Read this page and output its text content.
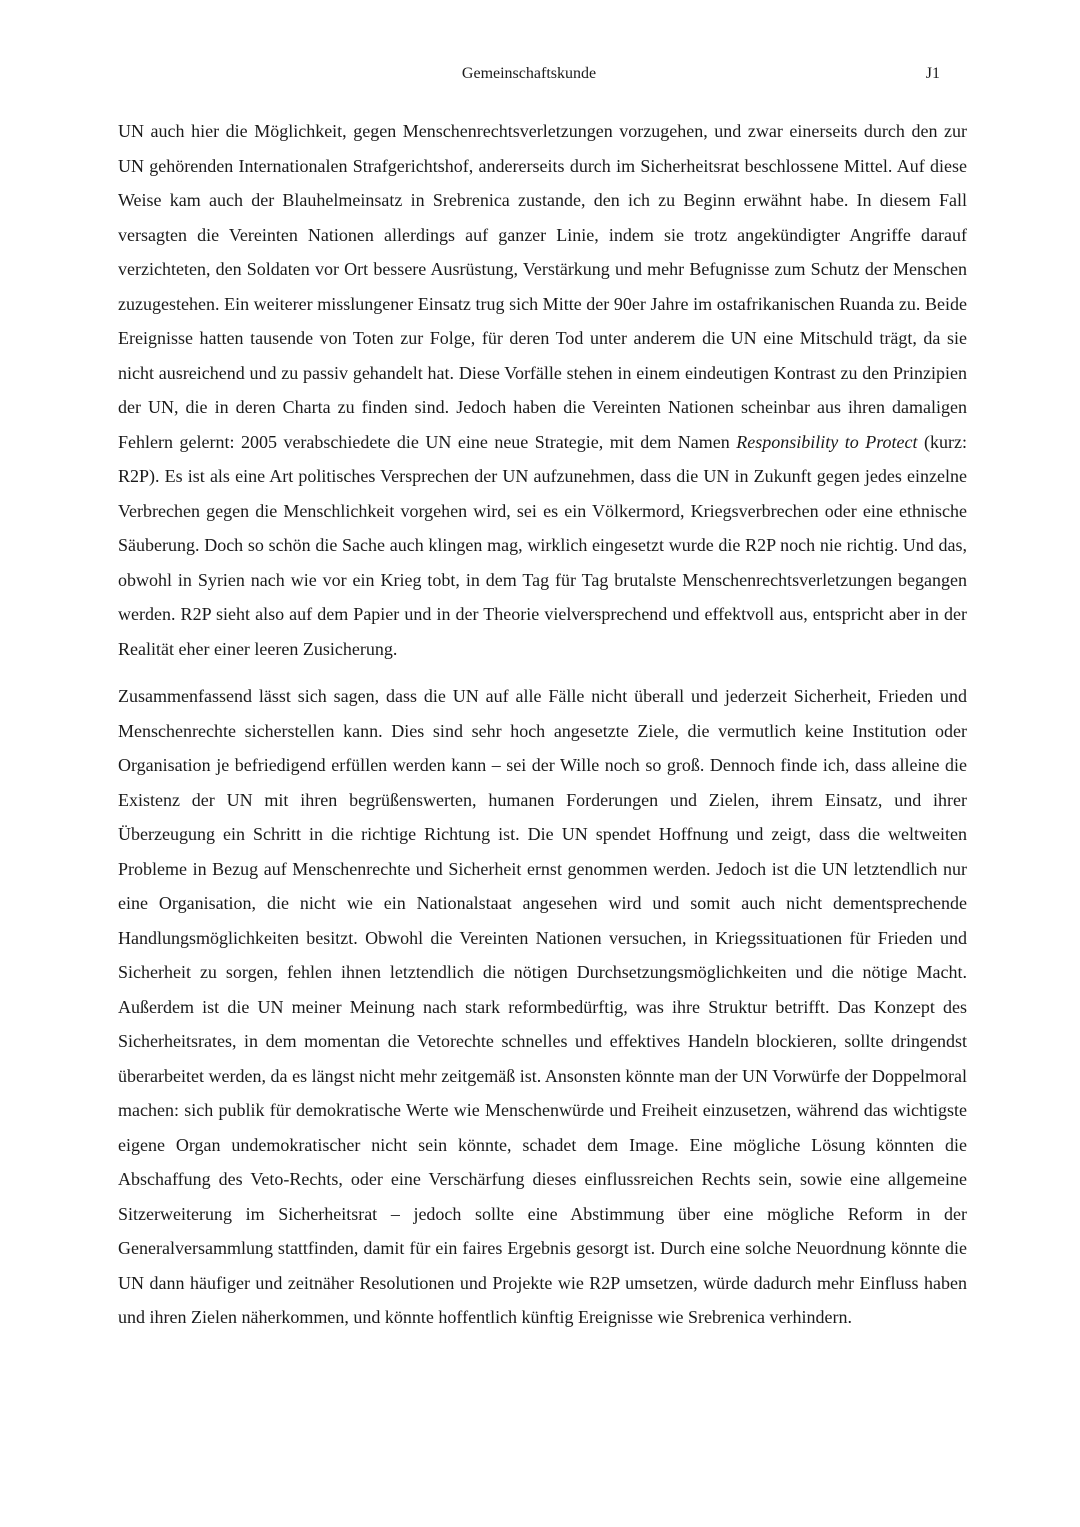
Gemeinschaftskunde	J1

UN auch hier die Möglichkeit, gegen Menschenrechtsverletzungen vorzugehen, und zwar einerseits durch den zur UN gehörenden Internationalen Strafgerichtshof, andererseits durch im Sicherheitsrat beschlossene Mittel. Auf diese Weise kam auch der Blauhelmeinsatz in Srebrenica zustande, den ich zu Beginn erwähnt habe. In diesem Fall versagten die Vereinten Nationen allerdings auf ganzer Linie, indem sie trotz angekündigter Angriffe darauf verzichteten, den Soldaten vor Ort bessere Ausrüstung, Verstärkung und mehr Befugnisse zum Schutz der Menschen zuzugestehen. Ein weiterer misslungener Einsatz trug sich Mitte der 90er Jahre im ostafrikanischen Ruanda zu. Beide Ereignisse hatten tausende von Toten zur Folge, für deren Tod unter anderem die UN eine Mitschuld trägt, da sie nicht ausreichend und zu passiv gehandelt hat. Diese Vorfälle stehen in einem eindeutigen Kontrast zu den Prinzipien der UN, die in deren Charta zu finden sind. Jedoch haben die Vereinten Nationen scheinbar aus ihren damaligen Fehlern gelernt: 2005 verabschiedete die UN eine neue Strategie, mit dem Namen Responsibility to Protect (kurz: R2P). Es ist als eine Art politisches Versprechen der UN aufzunehmen, dass die UN in Zukunft gegen jedes einzelne Verbrechen gegen die Menschlichkeit vorgehen wird, sei es ein Völkermord, Kriegsverbrechen oder eine ethnische Säuberung. Doch so schön die Sache auch klingen mag, wirklich eingesetzt wurde die R2P noch nie richtig. Und das, obwohl in Syrien nach wie vor ein Krieg tobt, in dem Tag für Tag brutalste Menschenrechtsverletzungen begangen werden. R2P sieht also auf dem Papier und in der Theorie vielversprechend und effektvoll aus, entspricht aber in der Realität eher einer leeren Zusicherung.

Zusammenfassend lässt sich sagen, dass die UN auf alle Fälle nicht überall und jederzeit Sicherheit, Frieden und Menschenrechte sicherstellen kann. Dies sind sehr hoch angesetzte Ziele, die vermutlich keine Institution oder Organisation je befriedigend erfüllen werden kann – sei der Wille noch so groß. Dennoch finde ich, dass alleine die Existenz der UN mit ihren begrüßenswerten, humanen Forderungen und Zielen, ihrem Einsatz, und ihrer Überzeugung ein Schritt in die richtige Richtung ist. Die UN spendet Hoffnung und zeigt, dass die weltweiten Probleme in Bezug auf Menschenrechte und Sicherheit ernst genommen werden. Jedoch ist die UN letztendlich nur eine Organisation, die nicht wie ein Nationalstaat angesehen wird und somit auch nicht dementsprechende Handlungsmöglichkeiten besitzt. Obwohl die Vereinten Nationen versuchen, in Kriegssituationen für Frieden und Sicherheit zu sorgen, fehlen ihnen letztendlich die nötigen Durchsetzungsmöglichkeiten und die nötige Macht. Außerdem ist die UN meiner Meinung nach stark reformbedürftig, was ihre Struktur betrifft. Das Konzept des Sicherheitsrates, in dem momentan die Vetorechte schnelles und effektives Handeln blockieren, sollte dringendst überarbeitet werden, da es längst nicht mehr zeitgemäß ist. Ansonsten könnte man der UN Vorwürfe der Doppelmoral machen: sich publik für demokratische Werte wie Menschenwürde und Freiheit einzusetzen, während das wichtigste eigene Organ undemokratischer nicht sein könnte, schadet dem Image. Eine mögliche Lösung könnten die Abschaffung des Veto-Rechts, oder eine Verschärfung dieses einflussreichen Rechts sein, sowie eine allgemeine Sitzerweiterung im Sicherheitsrat – jedoch sollte eine Abstimmung über eine mögliche Reform in der Generalversammlung stattfinden, damit für ein faires Ergebnis gesorgt ist. Durch eine solche Neuordnung könnte die UN dann häufiger und zeitnäher Resolutionen und Projekte wie R2P umsetzen, würde dadurch mehr Einfluss haben und ihren Zielen näherkommen, und könnte hoffentlich künftig Ereignisse wie Srebrenica verhindern.
